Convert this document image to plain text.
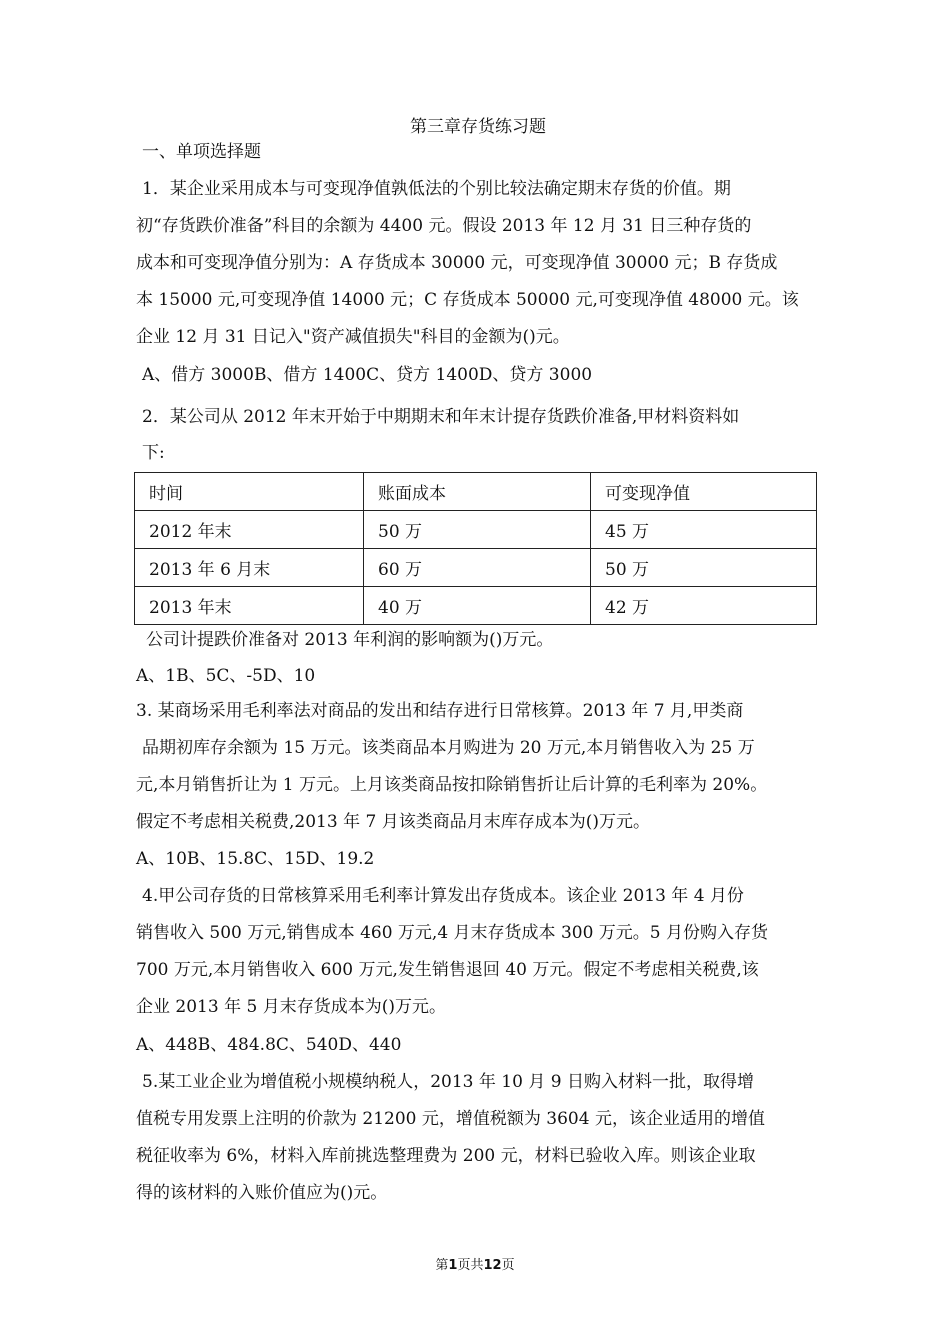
第三章存货练习题
一、单项选择题
1．某企业采用成本与可变现净值孰低法的个别比较法确定期末存货的价值。期
初“存货跌价准备”科目的余额为 4400 元。假设 2013 年 12 月 31 日三种存货的
成本和可变现净值分别为：A 存货成本 30000 元，可变现净值 30000 元；B 存货成
本 15000 元,可变现净值 14000 元；C 存货成本 50000 元,可变现净值 48000 元。该
企业 12 月 31 日记入"资产减值损失"科目的金额为()元。
A、借方 3000B、借方 1400C、贷方 1400D、贷方 3000
2．某公司从 2012 年末开始于中期期末和年末计提存货跌价准备,甲材料资料如
下:
时间	账面成本	可变现净值
2012 年末	50 万	45 万
2013 年 6 月末	60 万	50 万
2013 年末	40 万	42 万
公司计提跌价准备对 2013 年利润的影响额为()万元。
A、1B、5C、-5D、10
3. 某商场采用毛利率法对商品的发出和结存进行日常核算。2013 年 7 月,甲类商
品期初库存余额为 15 万元。该类商品本月购进为 20 万元,本月销售收入为 25 万
元,本月销售折让为 1 万元。上月该类商品按扣除销售折让后计算的毛利率为 20%。
假定不考虑相关税费,2013 年 7 月该类商品月末库存成本为()万元。
A、10B、15.8C、15D、19.2
4.甲公司存货的日常核算采用毛利率计算发出存货成本。该企业 2013 年 4 月份
销售收入 500 万元,销售成本 460 万元,4 月末存货成本 300 万元。5 月份购入存货
700 万元,本月销售收入 600 万元,发生销售退回 40 万元。假定不考虑相关税费,该
企业 2013 年 5 月末存货成本为()万元。
A、448B、484.8C、540D、440
5.某工业企业为增值税小规模纳税人，2013 年 10 月 9 日购入材料一批，取得增
值税专用发票上注明的价款为 21200 元，增值税额为 3604 元，该企业适用的增值
税征收率为 6%，材料入库前挑选整理费为 200 元，材料已验收入库。则该企业取
得的该材料的入账价值应为()元。
第1页共12页
